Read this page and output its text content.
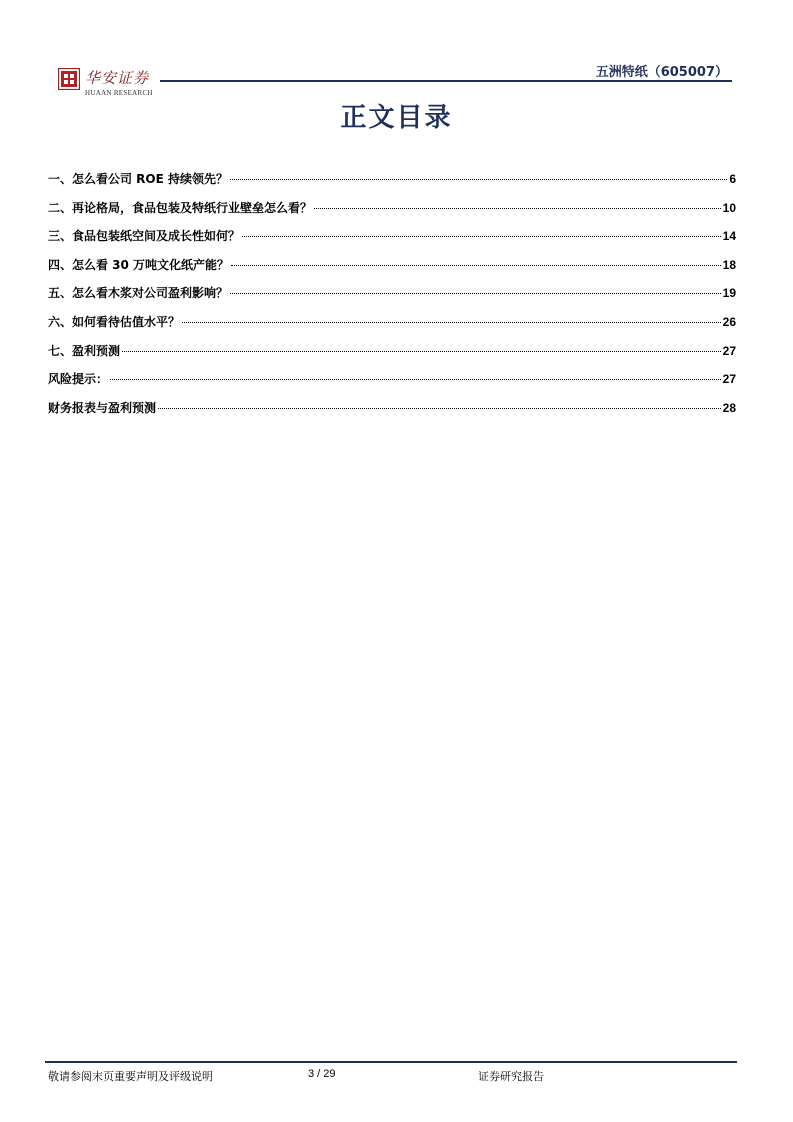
华安证券
HUAAN RESEARCH
五洲特纸（605007）
正文目录
一、怎么看公司 ROE 持续领先？	6
二、再论格局，食品包装及特纸行业壁垒怎么看？	10
三、食品包装纸空间及成长性如何？	14
四、怎么看 30 万吨文化纸产能？	18
五、怎么看木浆对公司盈利影响？	19
六、如何看待估值水平？	26
七、盈利预测	27
风险提示：	27
财务报表与盈利预测	28
敬请参阅末页重要声明及评级说明	3 / 29	证券研究报告
